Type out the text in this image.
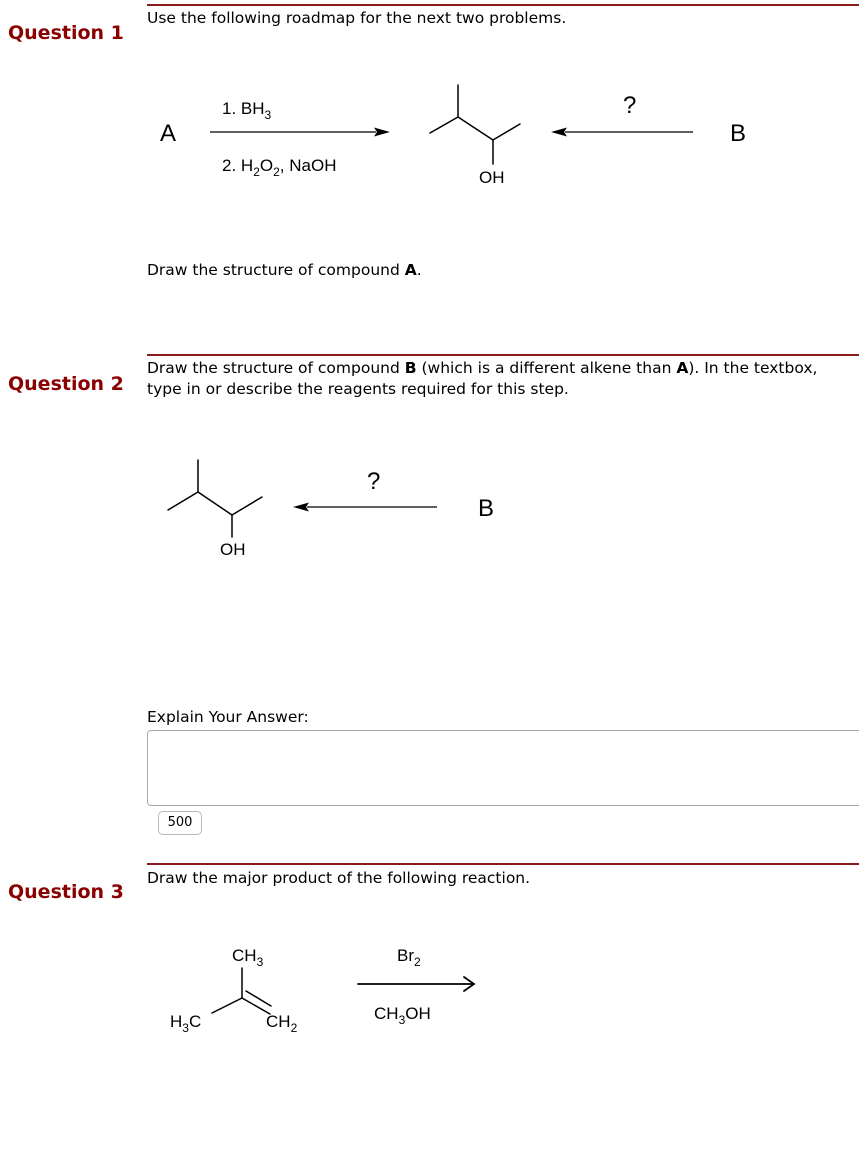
Question 1
Use the following roadmap for the next two problems.
A
1. $BH_3$
2. $H_2O_2$, NaOH
OH
?
B
Draw the structure of compound A.
Question 2
Draw the structure of compound B (which is a different alkene than A). In the textbox, type in or describe the reagents required for this step.
OH
?
B
Explain Your Answer:
500
Question 3
Draw the major product of the following reaction.
$CH_3$
$H_3C$	$CH_2$
$Br_2$
$CH_3OH$
